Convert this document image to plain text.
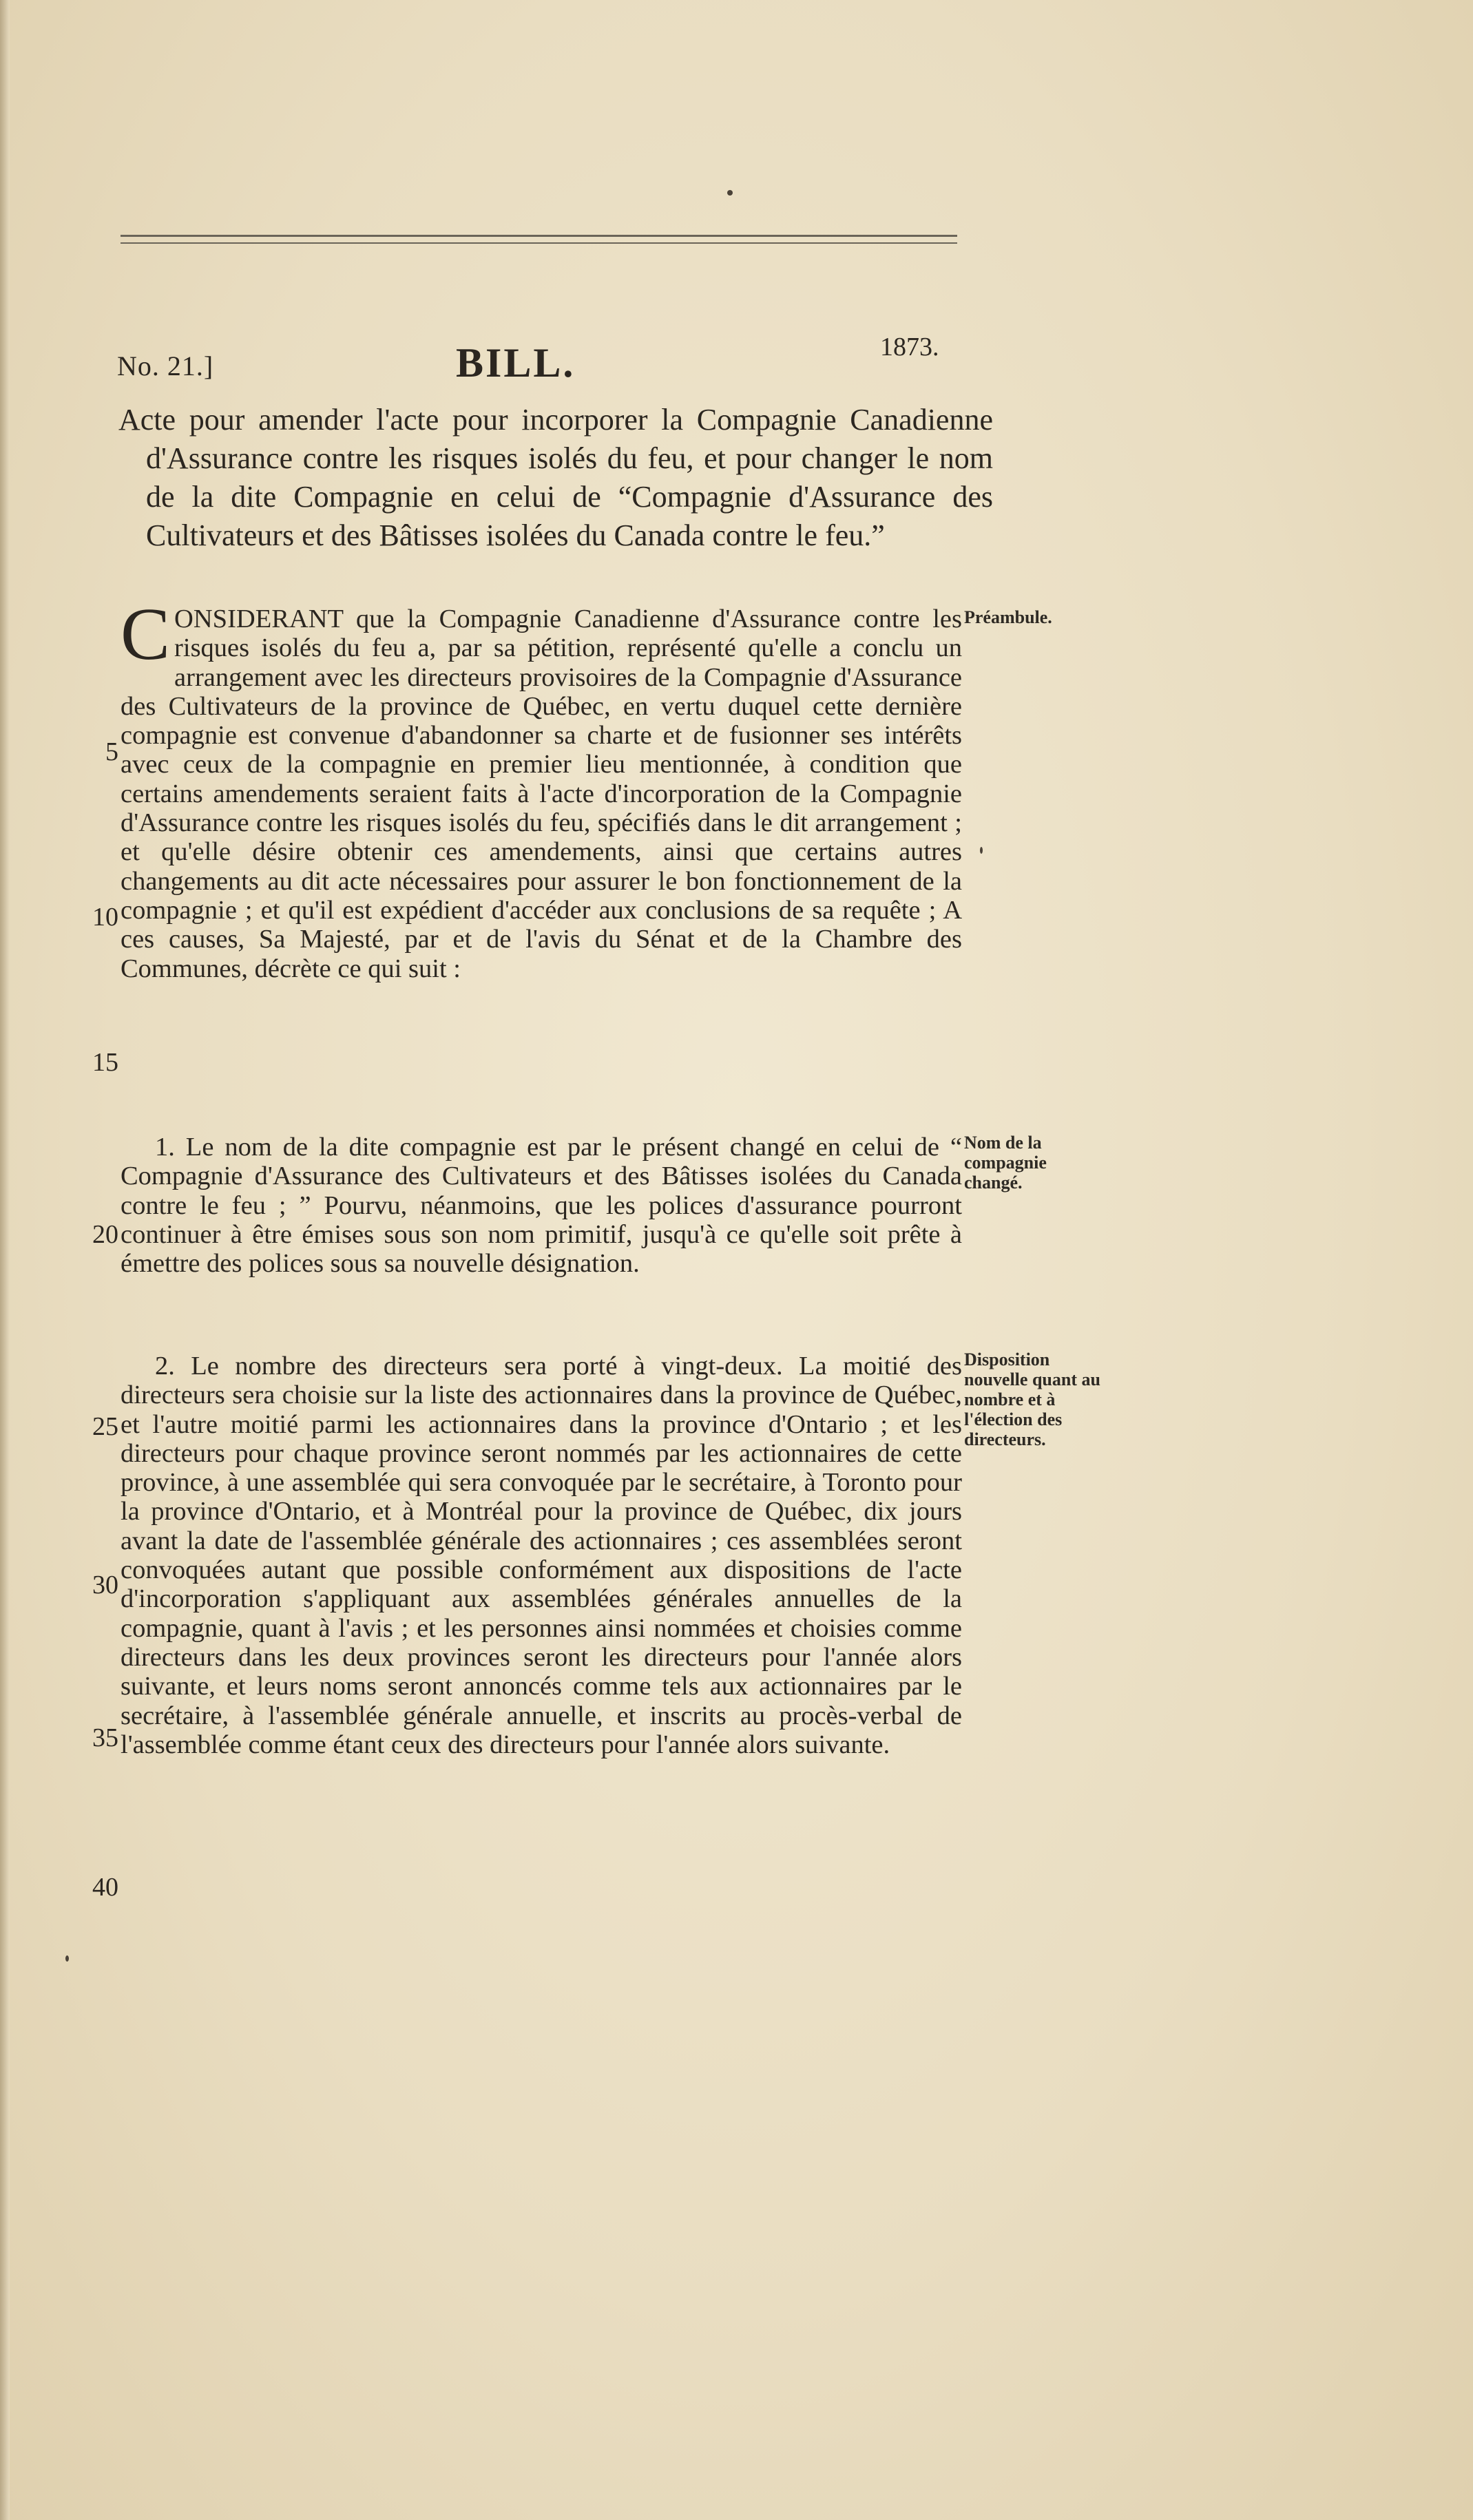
No. 21.]	BILL.	1873.
Acte pour amender l'acte pour incorporer la Compagnie Canadienne d'Assurance contre les risques isolés du feu, et pour changer le nom de la dite Compagnie en celui de “Compagnie d'Assurance des Cultivateurs et des Bâtisses isolées du Canada contre le feu.”
CONSIDERANT que la Compagnie Canadienne d'Assurance contre les risques isolés du feu a, par sa pétition, représenté qu'elle a conclu un arrangement avec les directeurs provisoires de la Compagnie d'Assurance des Cultivateurs de la province de Québec, en vertu duquel cette dernière compagnie est convenue d'abandonner sa charte et de fusionner ses intérêts avec ceux de la compagnie en premier lieu mentionnée, à condition que certains amendements seraient faits à l'acte d'incorporation de la Compagnie d'Assurance contre les risques isolés du feu, spécifiés dans le dit arrangement ; et qu'elle désire obtenir ces amendements, ainsi que certains autres changements au dit acte nécessaires pour assurer le bon fonctionnement de la compagnie ; et qu'il est expédient d'accéder aux conclusions de sa requête ; A ces causes, Sa Majesté, par et de l'avis du Sénat et de la Chambre des Communes, décrète ce qui suit :
1. Le nom de la dite compagnie est par le présent changé en celui de “ Compagnie d'Assurance des Cultivateurs et des Bâtisses isolées du Canada contre le feu ; ” Pourvu, néanmoins, que les polices d'assurance pourront continuer à être émises sous son nom primitif, jusqu'à ce qu'elle soit prête à émettre des polices sous sa nouvelle désignation.
2. Le nombre des directeurs sera porté à vingt-deux. La moitié des directeurs sera choisie sur la liste des actionnaires dans la province de Québec, et l'autre moitié parmi les actionnaires dans la province d'Ontario ; et les directeurs pour chaque province seront nommés par les actionnaires de cette province, à une assemblée qui sera convoquée par le secrétaire, à Toronto pour la province d'Ontario, et à Montréal pour la province de Québec, dix jours avant la date de l'assemblée générale des actionnaires ; ces assemblées seront convoquées autant que possible conformément aux dispositions de l'acte d'incorporation s'appliquant aux assemblées générales annuelles de la compagnie, quant à l'avis ; et les personnes ainsi nommées et choisies comme directeurs dans les deux provinces seront les directeurs pour l'année alors suivante, et leurs noms seront annoncés comme tels aux actionnaires par le secrétaire, à l'assemblée générale annuelle, et inscrits au procès-verbal de l'assemblée comme étant ceux des directeurs pour l'année alors suivante.
5
10
15
20
25
30
35
40
Préambule.
Nom de la compagnie changé.
Disposition nouvelle quant au nombre et à l'élection des directeurs.
